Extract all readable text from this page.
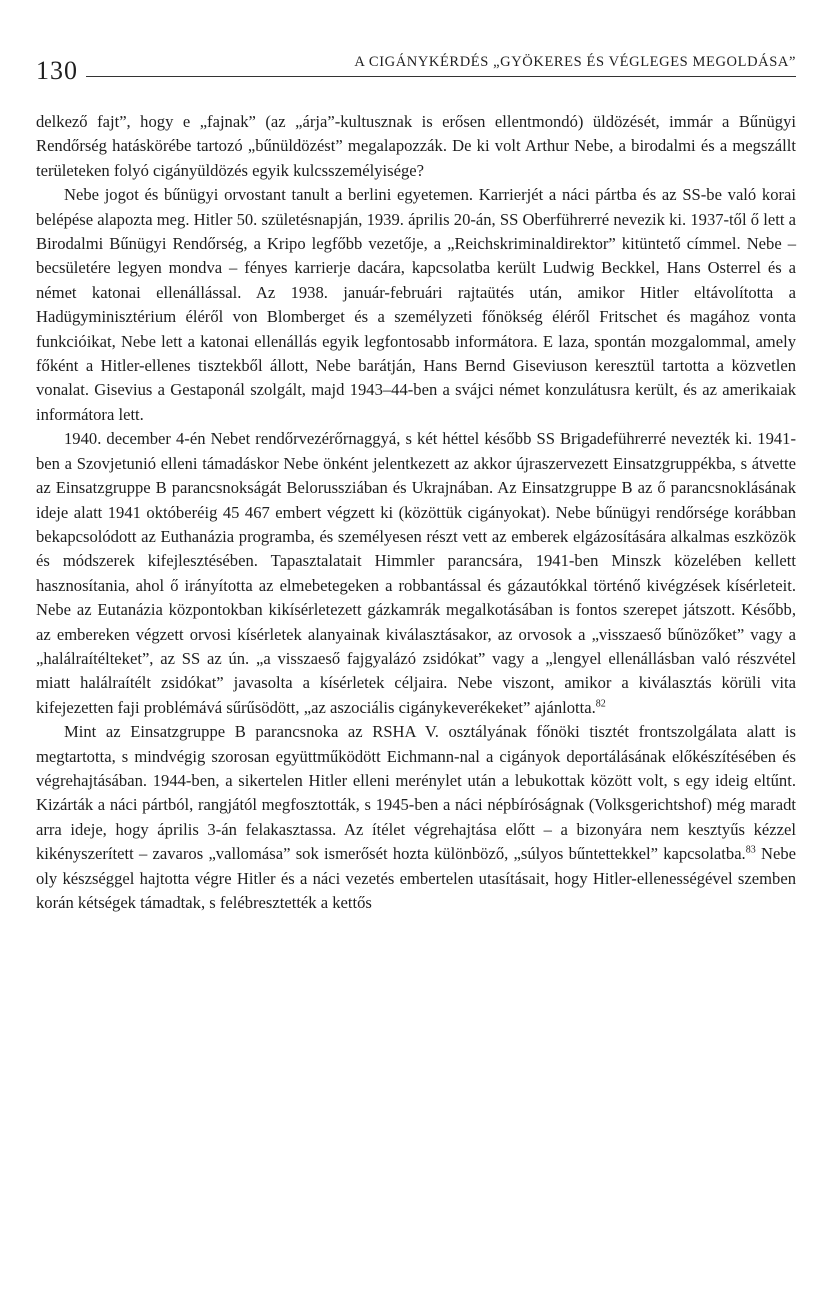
130	A CIGÁNYKÉRDÉS „GYÖKERES ÉS VÉGLEGES MEGOLDÁSA”

delkező fajt”, hogy e „fajnak” (az „árja”-kultusznak is erősen ellentmondó) üldözését, immár a Bűnügyi Rendőrség hatáskörébe tartozó „bűnüldözést” megalapozzák. De ki volt Arthur Nebe, a birodalmi és a megszállt területeken folyó cigányüldözés egyik kulcsszemélyisége?

Nebe jogot és bűnügyi orvostant tanult a berlini egyetemen. Karrierjét a náci pártba és az SS-be való korai belépése alapozta meg. Hitler 50. születésnapján, 1939. április 20-án, SS Oberführerré nevezik ki. 1937-től ő lett a Birodalmi Bűnügyi Rendőrség, a Kripo legfőbb vezetője, a „Reichskriminaldirektor” kitüntető címmel. Nebe – becsületére legyen mondva – fényes karrierje dacára, kapcsolatba került Ludwig Beckkel, Hans Osterrel és a német katonai ellenállással. Az 1938. január-februári rajtaütés után, amikor Hitler eltávolította a Hadügyminisztérium éléről von Blomberget és a személyzeti főnökség éléről Fritschet és magához vonta funkcióikat, Nebe lett a katonai ellenállás egyik legfontosabb informátora. E laza, spontán mozgalommal, amely főként a Hitler-ellenes tisztekből állott, Nebe barátján, Hans Bernd Giseviuson keresztül tartotta a közvetlen vonalat. Gisevius a Gestaponál szolgált, majd 1943–44-ben a svájci német konzulátusra került, és az amerikaiak informátora lett.

1940. december 4-én Nebet rendőrvezérőrnaggyá, s két héttel később SS Brigadeführerré nevezték ki. 1941-ben a Szovjetunió elleni támadáskor Nebe önként jelentkezett az akkor újraszervezett Einsatzgruppékba, s átvette az Einsatzgruppe B parancsnokságát Belorussziában és Ukrajnában. Az Einsatzgruppe B az ő parancsnoklásának ideje alatt 1941 októberéig 45 467 embert végzett ki (közöttük cigányokat). Nebe bűnügyi rendőrsége korábban bekapcsolódott az Euthanázia programba, és személyesen részt vett az emberek elgázosítására alkalmas eszközök és módszerek kifejlesztésében. Tapasztalatait Himmler parancsára, 1941-ben Minszk közelében kellett hasznosítania, ahol ő irányította az elmebetegeken a robbantással és gázautókkal történő kivégzések kísérleteit. Nebe az Eutanázia központokban kikísérletezett gázkamrák megalkotásában is fontos szerepet játszott. Később, az embereken végzett orvosi kísérletek alanyainak kiválasztásakor, az orvosok a „visszaeső bűnözőket” vagy a „halálraítélteket”, az SS az ún. „a visszaeső fajgyalázó zsidókat” vagy a „lengyel ellenállásban való részvétel miatt halálraítélt zsidókat” javasolta a kísérletek céljaira. Nebe viszont, amikor a kiválasztás körüli vita kifejezetten faji problémává sűrűsödött, „az aszociális cigánykeverékeket” ajánlotta.$^{82}$

Mint az Einsatzgruppe B parancsnoka az RSHA V. osztályának főnöki tisztét frontszolgálata alatt is megtartotta, s mindvégig szorosan együttműködött Eichmann-nal a cigányok deportálásának előkészítésében és végrehajtásában. 1944-ben, a sikertelen Hitler elleni merénylet után a lebukottak között volt, s egy ideig eltűnt. Kizárták a náci pártból, rangjától megfosztották, s 1945-ben a náci népbíróságnak (Volksgerichtshof) még maradt arra ideje, hogy április 3-án felakasztassa. Az ítélet végrehajtása előtt – a bizonyára nem kesztyűs kézzel kikényszerített – zavaros „vallomása” sok ismerősét hozta különböző, „súlyos bűntettekkel” kapcsolatba.$^{83}$ Nebe oly készséggel hajtotta végre Hitler és a náci vezetés embertelen utasításait, hogy Hitler-ellenességével szemben korán kétségek támadtak, s felébresztették a kettős
